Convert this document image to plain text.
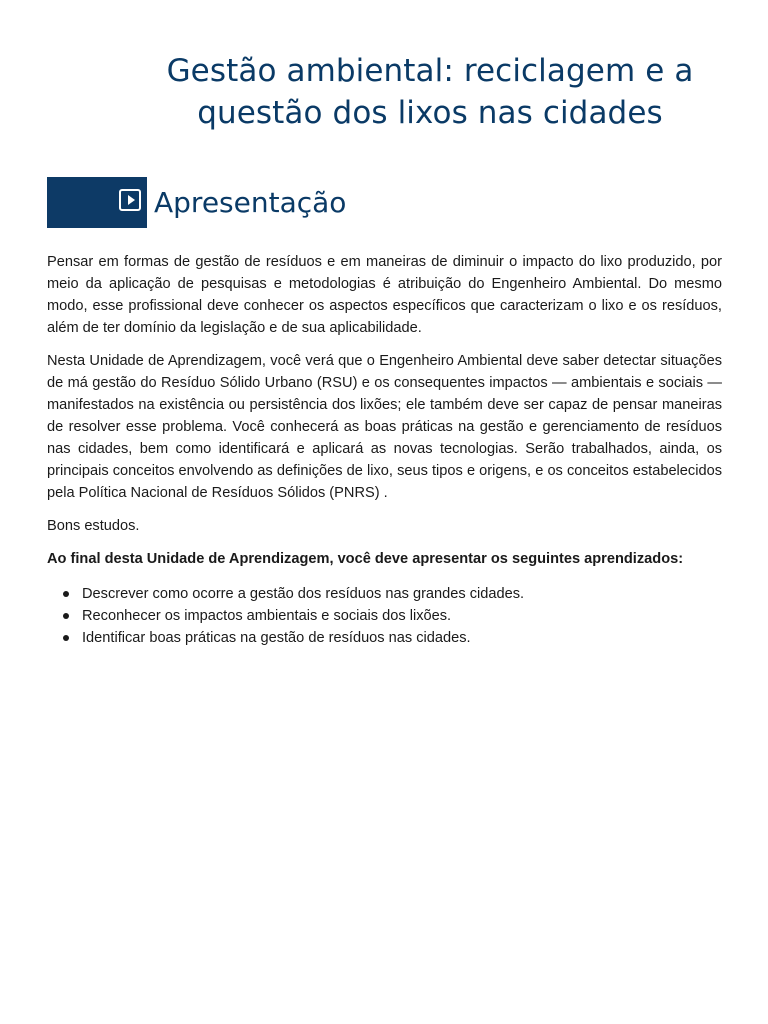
Gestão ambiental: reciclagem e a questão dos lixos nas cidades
Apresentação

Pensar em formas de gestão de resíduos e em maneiras de diminuir o impacto do lixo produzido, por meio da aplicação de pesquisas e metodologias é atribuição do Engenheiro Ambiental. Do mesmo modo, esse profissional deve conhecer os aspectos específicos que caracterizam o lixo e os resíduos, além de ter domínio da legislação e de sua aplicabilidade.

Nesta Unidade de Aprendizagem, você verá que o Engenheiro Ambiental deve saber detectar situações de má gestão do Resíduo Sólido Urbano (RSU) e os consequentes impactos — ambientais e sociais — manifestados na existência ou persistência dos lixões; ele também deve ser capaz de pensar maneiras de resolver esse problema. Você conhecerá as boas práticas na gestão e gerenciamento de resíduos nas cidades, bem como identificará e aplicará as novas tecnologias. Serão trabalhados, ainda, os principais conceitos envolvendo as definições de lixo, seus tipos e origens, e os conceitos estabelecidos pela Política Nacional de Resíduos Sólidos (PNRS) .

Bons estudos.

Ao final desta Unidade de Aprendizagem, você deve apresentar os seguintes aprendizados:

Descrever como ocorre a gestão dos resíduos nas grandes cidades.
Reconhecer os impactos ambientais e sociais dos lixões.
Identificar boas práticas na gestão de resíduos nas cidades.
